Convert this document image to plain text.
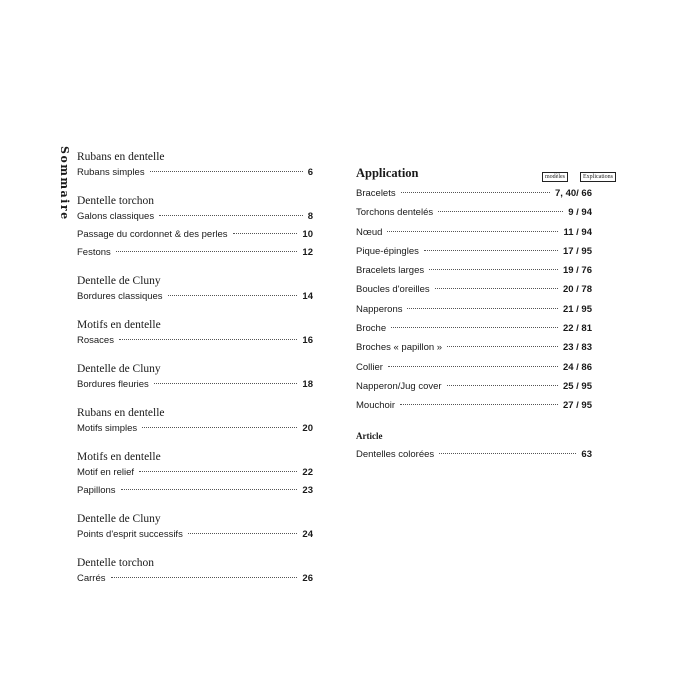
Sommaire Rubans en dentelle
Rubans simples	6
Dentelle torchon
Galons classiques	8
Passage du cordonnet & des perles	10
Festons	12
Dentelle de Cluny
Bordures classiques	14
Motifs en dentelle
Rosaces	16
Dentelle de Cluny
Bordures fleuries	18
Rubans en dentelle
Motifs simples	20
Motifs en dentelle
Motif en relief	22
Papillons	23
Dentelle de Cluny
Points d'esprit successifs	24
Dentelle torchon
Carrés	26
Application	modèles	Explications
Bracelets	7, 40/ 66
Torchons dentelés	9 / 94
Nœud	11 / 94
Pique-épingles	17 / 95
Bracelets larges	19 / 76
Boucles d'oreilles	20 / 78
Napperons	21 / 95
Broche	22 / 81
Broches « papillon »	23 / 83
Collier	24 / 86
Napperon/Jug cover	25 / 95
Mouchoir	27 / 95
Article
Dentelles colorées	63
